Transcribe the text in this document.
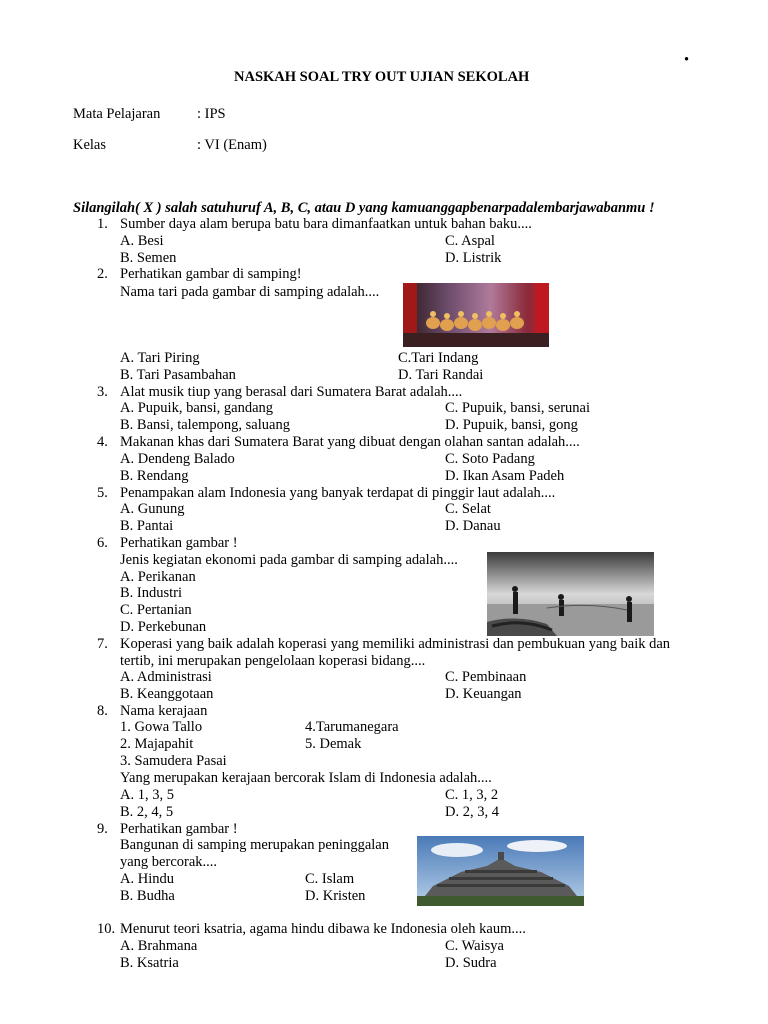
•
NASKAH SOAL TRY OUT UJIAN SEKOLAH
Mata Pelajaran	: IPS
Kelas	: VI (Enam)
Silangilah( X ) salah satuhuruf A, B, C, atau D yang kamuanggapbenarpadalembarjawabanmu !
1. Sumber daya alam berupa batu bara dimanfaatkan untuk bahan baku....
A. Besi
B. Semen
C. Aspal
D. Listrik
2. Perhatikan gambar di samping!
Nama tari pada gambar di samping adalah....
A. Tari Piring
B. Tari Pasambahan
C.Tari Indang
D. Tari Randai
3. Alat musik tiup yang berasal dari Sumatera Barat adalah....
A. Pupuik, bansi, gandang
B. Bansi, talempong, saluang
C. Pupuik, bansi, serunai
D. Pupuik, bansi, gong
4. Makanan khas dari Sumatera Barat yang dibuat dengan olahan santan adalah....
A. Dendeng Balado
B. Rendang
C. Soto Padang
D. Ikan Asam Padeh
5. Penampakan alam Indonesia yang banyak terdapat di pinggir laut adalah....
A. Gunung
B. Pantai
C. Selat
D. Danau
6. Perhatikan gambar !
Jenis kegiatan ekonomi pada gambar di samping adalah....
A. Perikanan
B. Industri
C. Pertanian
D. Perkebunan
7. Koperasi yang baik adalah koperasi yang memiliki administrasi dan pembukuan yang baik dan
tertib, ini merupakan pengelolaan koperasi bidang....
A. Administrasi
B. Keanggotaan
C. Pembinaan
D. Keuangan
8. Nama kerajaan
1. Gowa Tallo
2. Majapahit
3. Samudera Pasai
4.Tarumanegara
5. Demak
Yang merupakan kerajaan bercorak Islam di Indonesia adalah....
A. 1, 3, 5
B. 2, 4, 5
C. 1, 3, 2
D. 2, 3, 4
9. Perhatikan gambar !
Bangunan di samping merupakan peninggalan
yang bercorak....
A. Hindu
B. Budha
C. Islam
D. Kristen
10. Menurut teori ksatria, agama hindu dibawa ke Indonesia oleh kaum....
A. Brahmana
B. Ksatria
C. Waisya
D. Sudra
